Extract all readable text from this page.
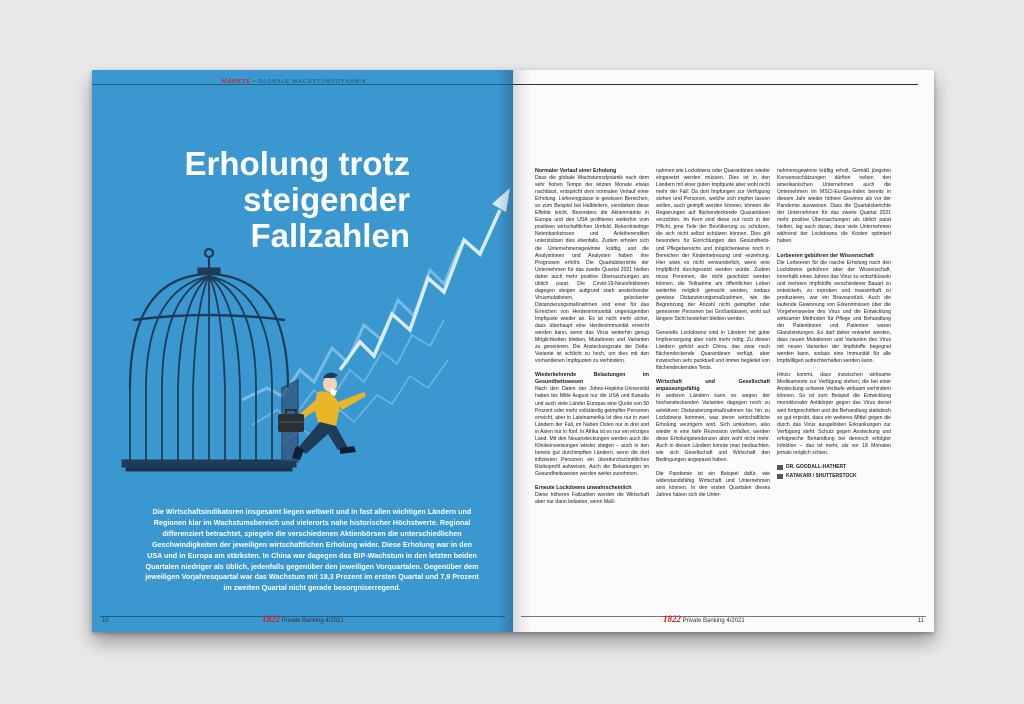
MÄRKTE • GLOBALE WACHSTUMSDYNAMIK
Erholung trotz
steigender
Fallzahlen
Die Wirtschaftsindikatoren insgesamt liegen weltweit und in fast allen wichtigen Ländern und Regionen klar im Wachstumsbereich und vielerorts nahe historischer Höchstwerte. Regional differenziert betrachtet, spiegeln die verschiedenen Aktienbörsen die unterschiedlichen Geschwindigkeiten der jeweiligen wirtschaftlichen Erholung wider. Diese Erholung war in den USA und in Europa am stärksten. In China war dagegen das BIP-Wachstum in den letzten beiden Quartalen niedriger als üblich, jedenfalls gegenüber den jeweiligen Vorquartalen. Gegenüber dem jeweiligen Vorjahresquartal war das Wachstum mit 18,3 Prozent im ersten Quartal und 7,9 Prozent im zweiten Quartal nicht gerade besorgniserregend.
10	1822 Private Banking 4/2021
Normaler Verlauf einer Erholung

Dass die globale Wachstumsdynamik nach dem sehr hohen Tempo der letzten Monate etwas nachlässt, entspricht dem normalen Verlauf einer Erholung. Lieferengpässe in gewissen Bereichen, so zum Beispiel bei Halbleitern, verstärken diese Effekte leicht. Besonders die Aktienmärkte in Europa und den USA profitieren weiterhin vom positiven wirtschaftlichen Umfeld. Rekordniedrige Notenbankzinsen und Anleiherenditen unterstützen dies ebenfalls. Zudem erholen sich die Unternehmensgewinne kräftig, und die Analystinnen und Analysten haben ihre Prognosen erhöht. Die Quartalsberichte der Unternehmen für das zweite Quartal 2021 hielten daher auch mehr positive Überraschungen als üblich parat. Die Covid-19-Neuinfektionen dagegen steigen aufgrund stark ansteckender Virusmutationen, gelockerter Distanzierungsmaßnahmen und einer für das Erreichen von Herdenimmunität ungenügenden Impfquote wieder an. Es ist nicht mehr sicher, dass überhaupt eine Herdenimmunität erreicht werden kann, wenn das Virus weiterhin genug Möglichkeiten bleiben, Mutationen und Varianten zu generieren. Die Ansteckungsrate der Delta-Variante ist schlicht zu hoch, um dies mit den vorhandenen Impfquoten zu verhindern.

Wiederkehrende Belastungen im Gesundheitswesen

Nach den Daten der Johns-Hopkins-Universität haben bis Mitte August nur die USA und Kanada und auch viele Länder Europas eine Quote von 50 Prozent oder mehr vollständig geimpfter Personen erreicht, aber in Lateinamerika ist dies nur in zwei Ländern der Fall, im Nahen Osten nur in drei und in Asien nur in fünf. In Afrika ist es nur ein einziges Land. Mit den Neuansteckungen werden auch die Klinikeinweisungen wieder steigen – auch in den bereits gut durchimpften Ländern, wenn die dort infizierten Personen ein überdurchschnittliches Risikoprofil aufweisen. Auch die Belastungen im Gesundheitswesen werden weiter zunehmen.

Erneute Lockdowns unwahrscheinlich

Diese höheren Fallzahlen werden die Wirtschaft aber nur dann belasten, wenn Maß-

nahmen wie Lockdowns oder Quarantänen wieder eingesetzt werden müssen. Dies ist in den Ländern mit einer guten Impfquote aber wohl nicht mehr der Fall: Da dort Impfungen zur Verfügung stehen und Personen, welche sich impfen lassen wollen, auch geimpft werden können, können die Regierungen auf flächendeckende Quarantänen verzichten. Im Kern sind diese nur noch in der Pflicht, jene Teile der Bevölkerung zu schützen, die sich nicht selbst schützen können. Dies gilt besonders für Einrichtungen des Gesundheits- und Pflegebereichs und möglicherweise noch in Bereichen der Kinderbetreuung und -erziehung. Hier wäre es nicht verwunderlich, wenn eine Impfpflicht durchgesetzt werden würde. Zudem muss Personen, die nicht geschützt werden können, die Teilnahme am öffentlichen Leben weiterhin möglich gemacht werden, sodass gewisse Distanzierungsmaßnahmen, wie die Begrenzung der Anzahl nicht geimpfter oder genesener Personen bei Großanlässen, wohl auf längere Sicht bestehen bleiben werden.

Generelle Lockdowns sind in Ländern mit guter Impfversorgung aber nicht mehr nötig. Zu diesen Ländern gehört auch China, das zwar noch flächendeckende Quarantänen verfügt, aber inzwischen sehr punktuell und immer begleitet von flächendeckenden Tests.

Wirtschaft und Gesellschaft anpassungsfähig

In anderen Ländern kann es wegen der hochansteckenden Varianten dagegen noch zu selektiven Distanzierungsmaßnahmen bis hin zu Lockdowns kommen, was deren wirtschaftliche Erholung verzögern wird. Sich umkehren, also wieder in eine tiefe Rezession verfallen, werden diese Erholungstendenzen aber wohl nicht mehr. Auch in diesen Ländern konnte man beobachten, wie sich Gesellschaft und Wirtschaft den Bedingungen angepasst haben.

Die Pandemie ist ein Beispiel dafür, wie widerstandsfähig Wirtschaft und Unternehmen sein können. In den ersten Quartalen dieses Jahres haben sich die Unter-

nehmensgewinne kräftig erholt. Gemäß jüngsten Konsensschätzungen dürften neben den amerikanischen Unternehmen auch die Unternehmen im MSCI-Europa-Index bereits in diesem Jahr wieder höhere Gewinne als vor der Pandemie ausweisen. Dass die Quartalsberichte der Unternehmen für das zweite Quartal 2021 mehr positive Überraschungen als üblich parat hielten, lag auch daran, dass viele Unternehmen während der Lockdowns die Kosten optimiert haben.

Lorbeeren gebühren der Wissenschaft

Die Lorbeeren für die rasche Erholung nach den Lockdowns gebühren aber der Wissenschaft. Innerhalb eines Jahres das Virus zu entschlüsseln und mehrere Impfstoffe verschiedener Bauart zu entwickeln, zu erproben und massenhaft zu produzieren, war ein Bravourstück. Auch die laufende Gewinnung von Erkenntnissen über die Vorgehensweise des Virus und die Entwicklung wirksamer Methoden für Pflege und Behandlung der Patientinnen und Patienten waren Glanzleistungen. Es darf daher erwartet werden, dass neuen Mutationen und Varianten des Virus mit neuen Varianten der Impfstoffe begegnet werden kann, sodass eine Immunität für alle Impfwilligen aufrechterhalten werden kann.

Hinzu kommt, dass inzwischen wirksame Medikamente zur Verfügung stehen, die bei einer Ansteckung schwere Verläufe wirksam verhindern können. So ist zum Beispiel die Entwicklung monoklonaler Antikörper gegen das Virus derart weit fortgeschritten und die Behandlung statistisch so gut erprobt, dass ein weiteres Mittel gegen die durch das Virus ausgelösten Erkrankungen zur Verfügung steht. Schutz gegen Ansteckung und erfolgreiche Behandlung bei dennoch erfolgter Infektion – das ist mehr, als vor 18 Monaten jemals möglich schien.

DR. GOODALL-HATHERT
KATAKARI / SHUTTERSTOCK
1822 Private Banking 4/2021	11
